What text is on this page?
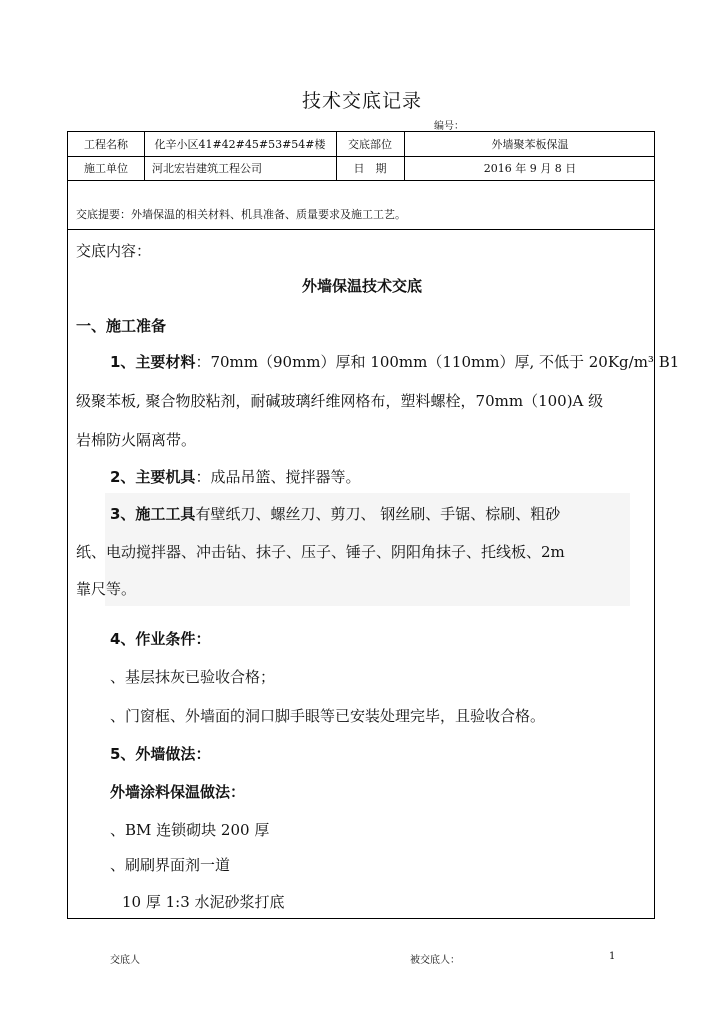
技术交底记录
编号：
工程名称	化辛小区41#42#45#53#54#楼	交底部位	外墙聚苯板保温
施工单位	河北宏岩建筑工程公司	日　期	2016 年 9 月 8 日
交底提要：外墙保温的相关材料、机具准备、质量要求及施工工艺。
交底内容：
外墙保温技术交底
一、施工准备
1、主要材料：70mm（90mm）厚和 100mm（110mm）厚, 不低于 20Kg/m³ B1
级聚苯板, 聚合物胶粘剂，耐碱玻璃纤维网格布，塑料螺栓，70mm（100)A 级
岩棉防火隔离带。
2、主要机具：成品吊篮、搅拌器等。
3、施工工具有壁纸刀、螺丝刀、剪刀、 钢丝刷、手锯、棕刷、粗砂
纸、电动搅拌器、冲击钻、抹子、压子、锤子、阴阳角抹子、托线板、2m
靠尺等。
4、作业条件：
、基层抹灰已验收合格；
、门窗框、外墙面的洞口脚手眼等已安装处理完毕，且验收合格。
5、外墙做法：
外墙涂料保温做法：
、BM 连锁砌块 200 厚
、刷刷界面剂一道
10 厚 1:3 水泥砂浆打底
交底人	被交底人：	1
